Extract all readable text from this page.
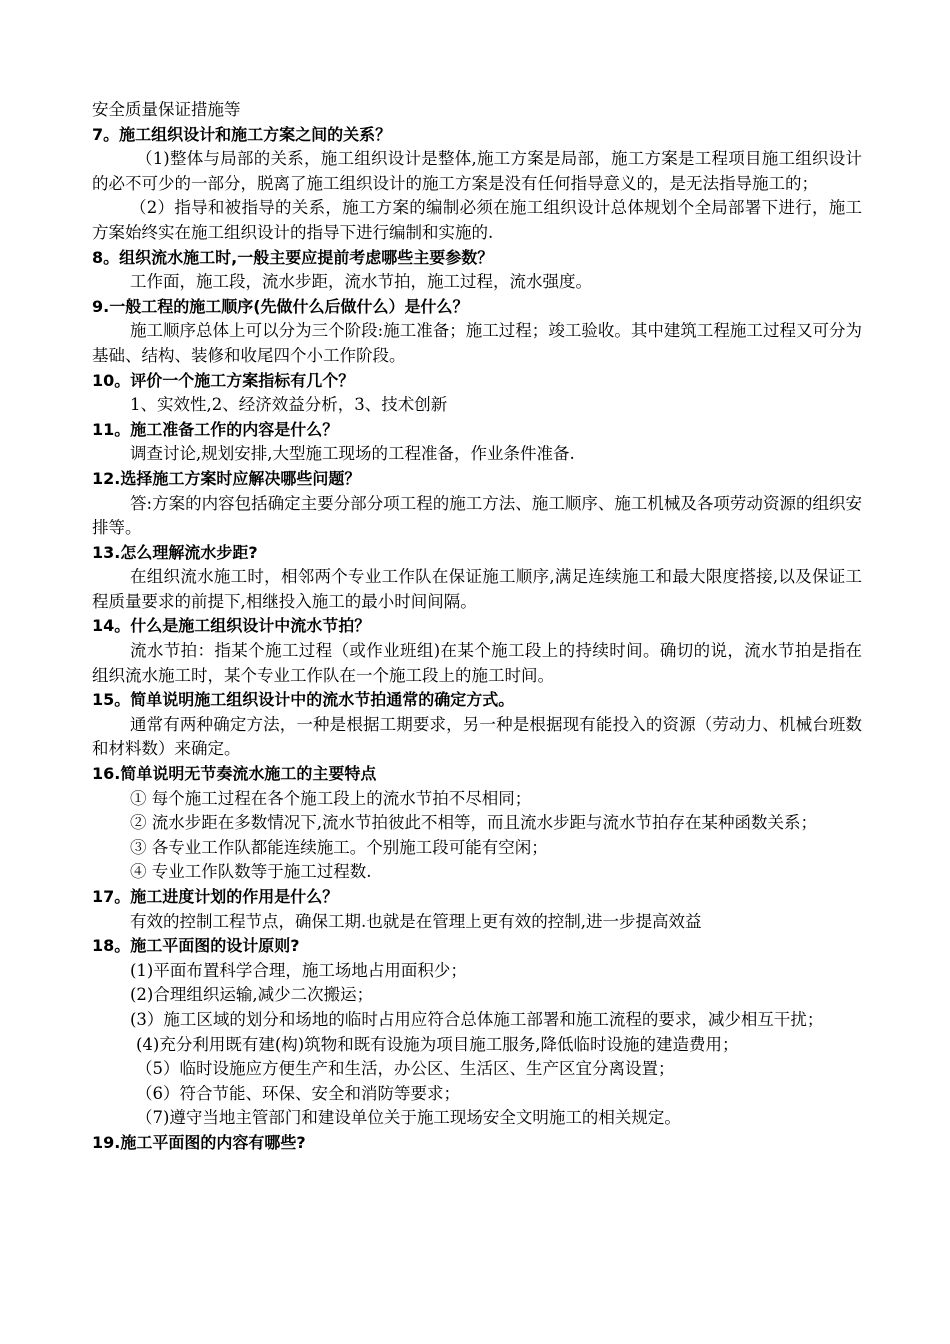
安全质量保证措施等
7。施工组织设计和施工方案之间的关系？
（1)整体与局部的关系，施工组织设计是整体,施工方案是局部，施工方案是工程项目施工组织设计的必不可少的一部分，脱离了施工组织设计的施工方案是没有任何指导意义的，是无法指导施工的；
（2）指导和被指导的关系，施工方案的编制必须在施工组织设计总体规划个全局部署下进行，施工方案始终实在施工组织设计的指导下进行编制和实施的.
8。组织流水施工时,一般主要应提前考虑哪些主要参数？
工作面，施工段，流水步距，流水节拍，施工过程，流水强度。
9.一般工程的施工顺序(先做什么后做什么）是什么？
施工顺序总体上可以分为三个阶段:施工准备；施工过程；竣工验收。其中建筑工程施工过程又可分为基础、结构、装修和收尾四个小工作阶段。
10。评价一个施工方案指标有几个？
1、实效性,2、经济效益分析，3、技术创新
11。施工准备工作的内容是什么？
调查讨论,规划安排,大型施工现场的工程准备，作业条件准备.
12.选择施工方案时应解决哪些问题？
答:方案的内容包括确定主要分部分项工程的施工方法、施工顺序、施工机械及各项劳动资源的组织安排等。
13.怎么理解流水步距?
在组织流水施工时，相邻两个专业工作队在保证施工顺序,满足连续施工和最大限度搭接,以及保证工程质量要求的前提下,相继投入施工的最小时间间隔。
14。什么是施工组织设计中流水节拍？
流水节拍：指某个施工过程（或作业班组)在某个施工段上的持续时间。确切的说，流水节拍是指在组织流水施工时，某个专业工作队在一个施工段上的施工时间。
15。简单说明施工组织设计中的流水节拍通常的确定方式。
通常有两种确定方法，一种是根据工期要求，另一种是根据现有能投入的资源（劳动力、机械台班数和材料数）来确定。
16.简单说明无节奏流水施工的主要特点
① 每个施工过程在各个施工段上的流水节拍不尽相同；
② 流水步距在多数情况下,流水节拍彼此不相等，而且流水步距与流水节拍存在某种函数关系；
③ 各专业工作队都能连续施工。个别施工段可能有空闲；
④ 专业工作队数等于施工过程数.
17。施工进度计划的作用是什么？
有效的控制工程节点，确保工期.也就是在管理上更有效的控制,进一步提高效益
18。施工平面图的设计原则?
(1)平面布置科学合理，施工场地占用面积少；
(2)合理组织运输,减少二次搬运；
(3）施工区域的划分和场地的临时占用应符合总体施工部署和施工流程的要求，减少相互干扰；
(4)充分利用既有建(构)筑物和既有设施为项目施工服务,降低临时设施的建造费用；
（5）临时设施应方便生产和生活，办公区、生活区、生产区宜分离设置；
（6）符合节能、环保、安全和消防等要求；
（7)遵守当地主管部门和建设单位关于施工现场安全文明施工的相关规定。
19.施工平面图的内容有哪些?
